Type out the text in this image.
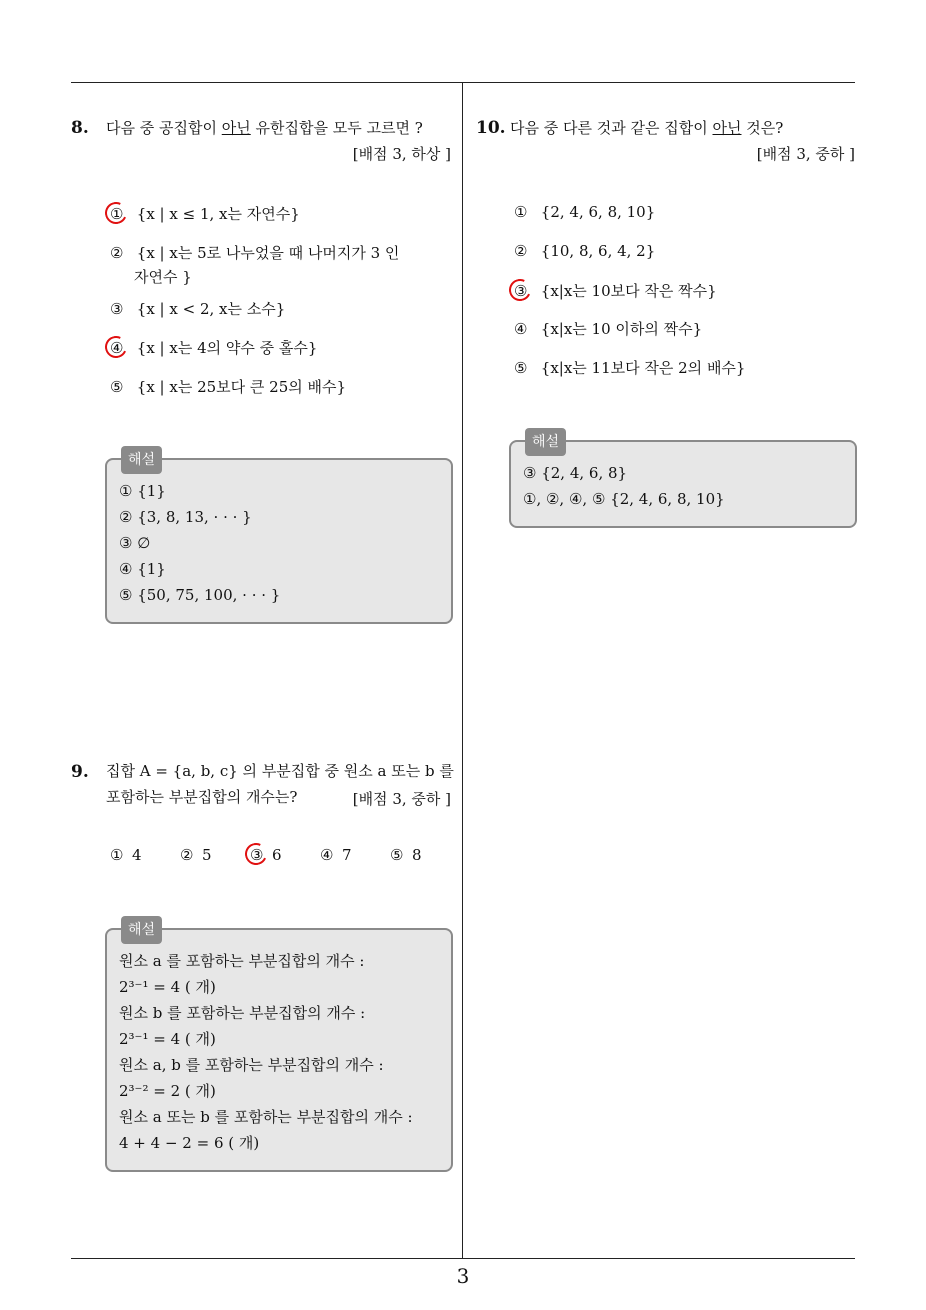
8. 다음 중 공집합이 아닌 유한집합을 모두 고르면 ?
[배점 3, 하상 ]
① {x | x ≤ 1, x는 자연수}
② {x | x는 5로 나누었을 때 나머지가 3 인
자연수 }
③ {x | x < 2, x는 소수}
④ {x | x는 4의 약수 중 홀수}
⑤ {x | x는 25보다 큰 25의 배수}
해설
① {1}
② {3, 8, 13, · · · }
③ ∅
④ {1}
⑤ {50, 75, 100, · · · }
9. 집합 A = {a, b, c} 의 부분집합 중 원소 a 또는 b 를
포함하는 부분집합의 개수는?	[배점 3, 중하 ]
① 4	② 5	③ 6	④ 7	⑤ 8
해설
원소 a 를 포함하는 부분집합의 개수 :
2³⁻¹ = 4 ( 개)
원소 b 를 포함하는 부분집합의 개수 :
2³⁻¹ = 4 ( 개)
원소 a, b 를 포함하는 부분집합의 개수 :
2³⁻² = 2 ( 개)
원소 a 또는 b 를 포함하는 부분집합의 개수 :
4 + 4 − 2 = 6 ( 개)
10. 다음 중 다른 것과 같은 집합이 아닌 것은?
[배점 3, 중하 ]
① {2, 4, 6, 8, 10}
② {10, 8, 6, 4, 2}
③ {x|x는 10보다 작은 짝수}
④ {x|x는 10 이하의 짝수}
⑤ {x|x는 11보다 작은 2의 배수}
해설
③ {2, 4, 6, 8}
①, ②, ④, ⑤ {2, 4, 6, 8, 10}
3
